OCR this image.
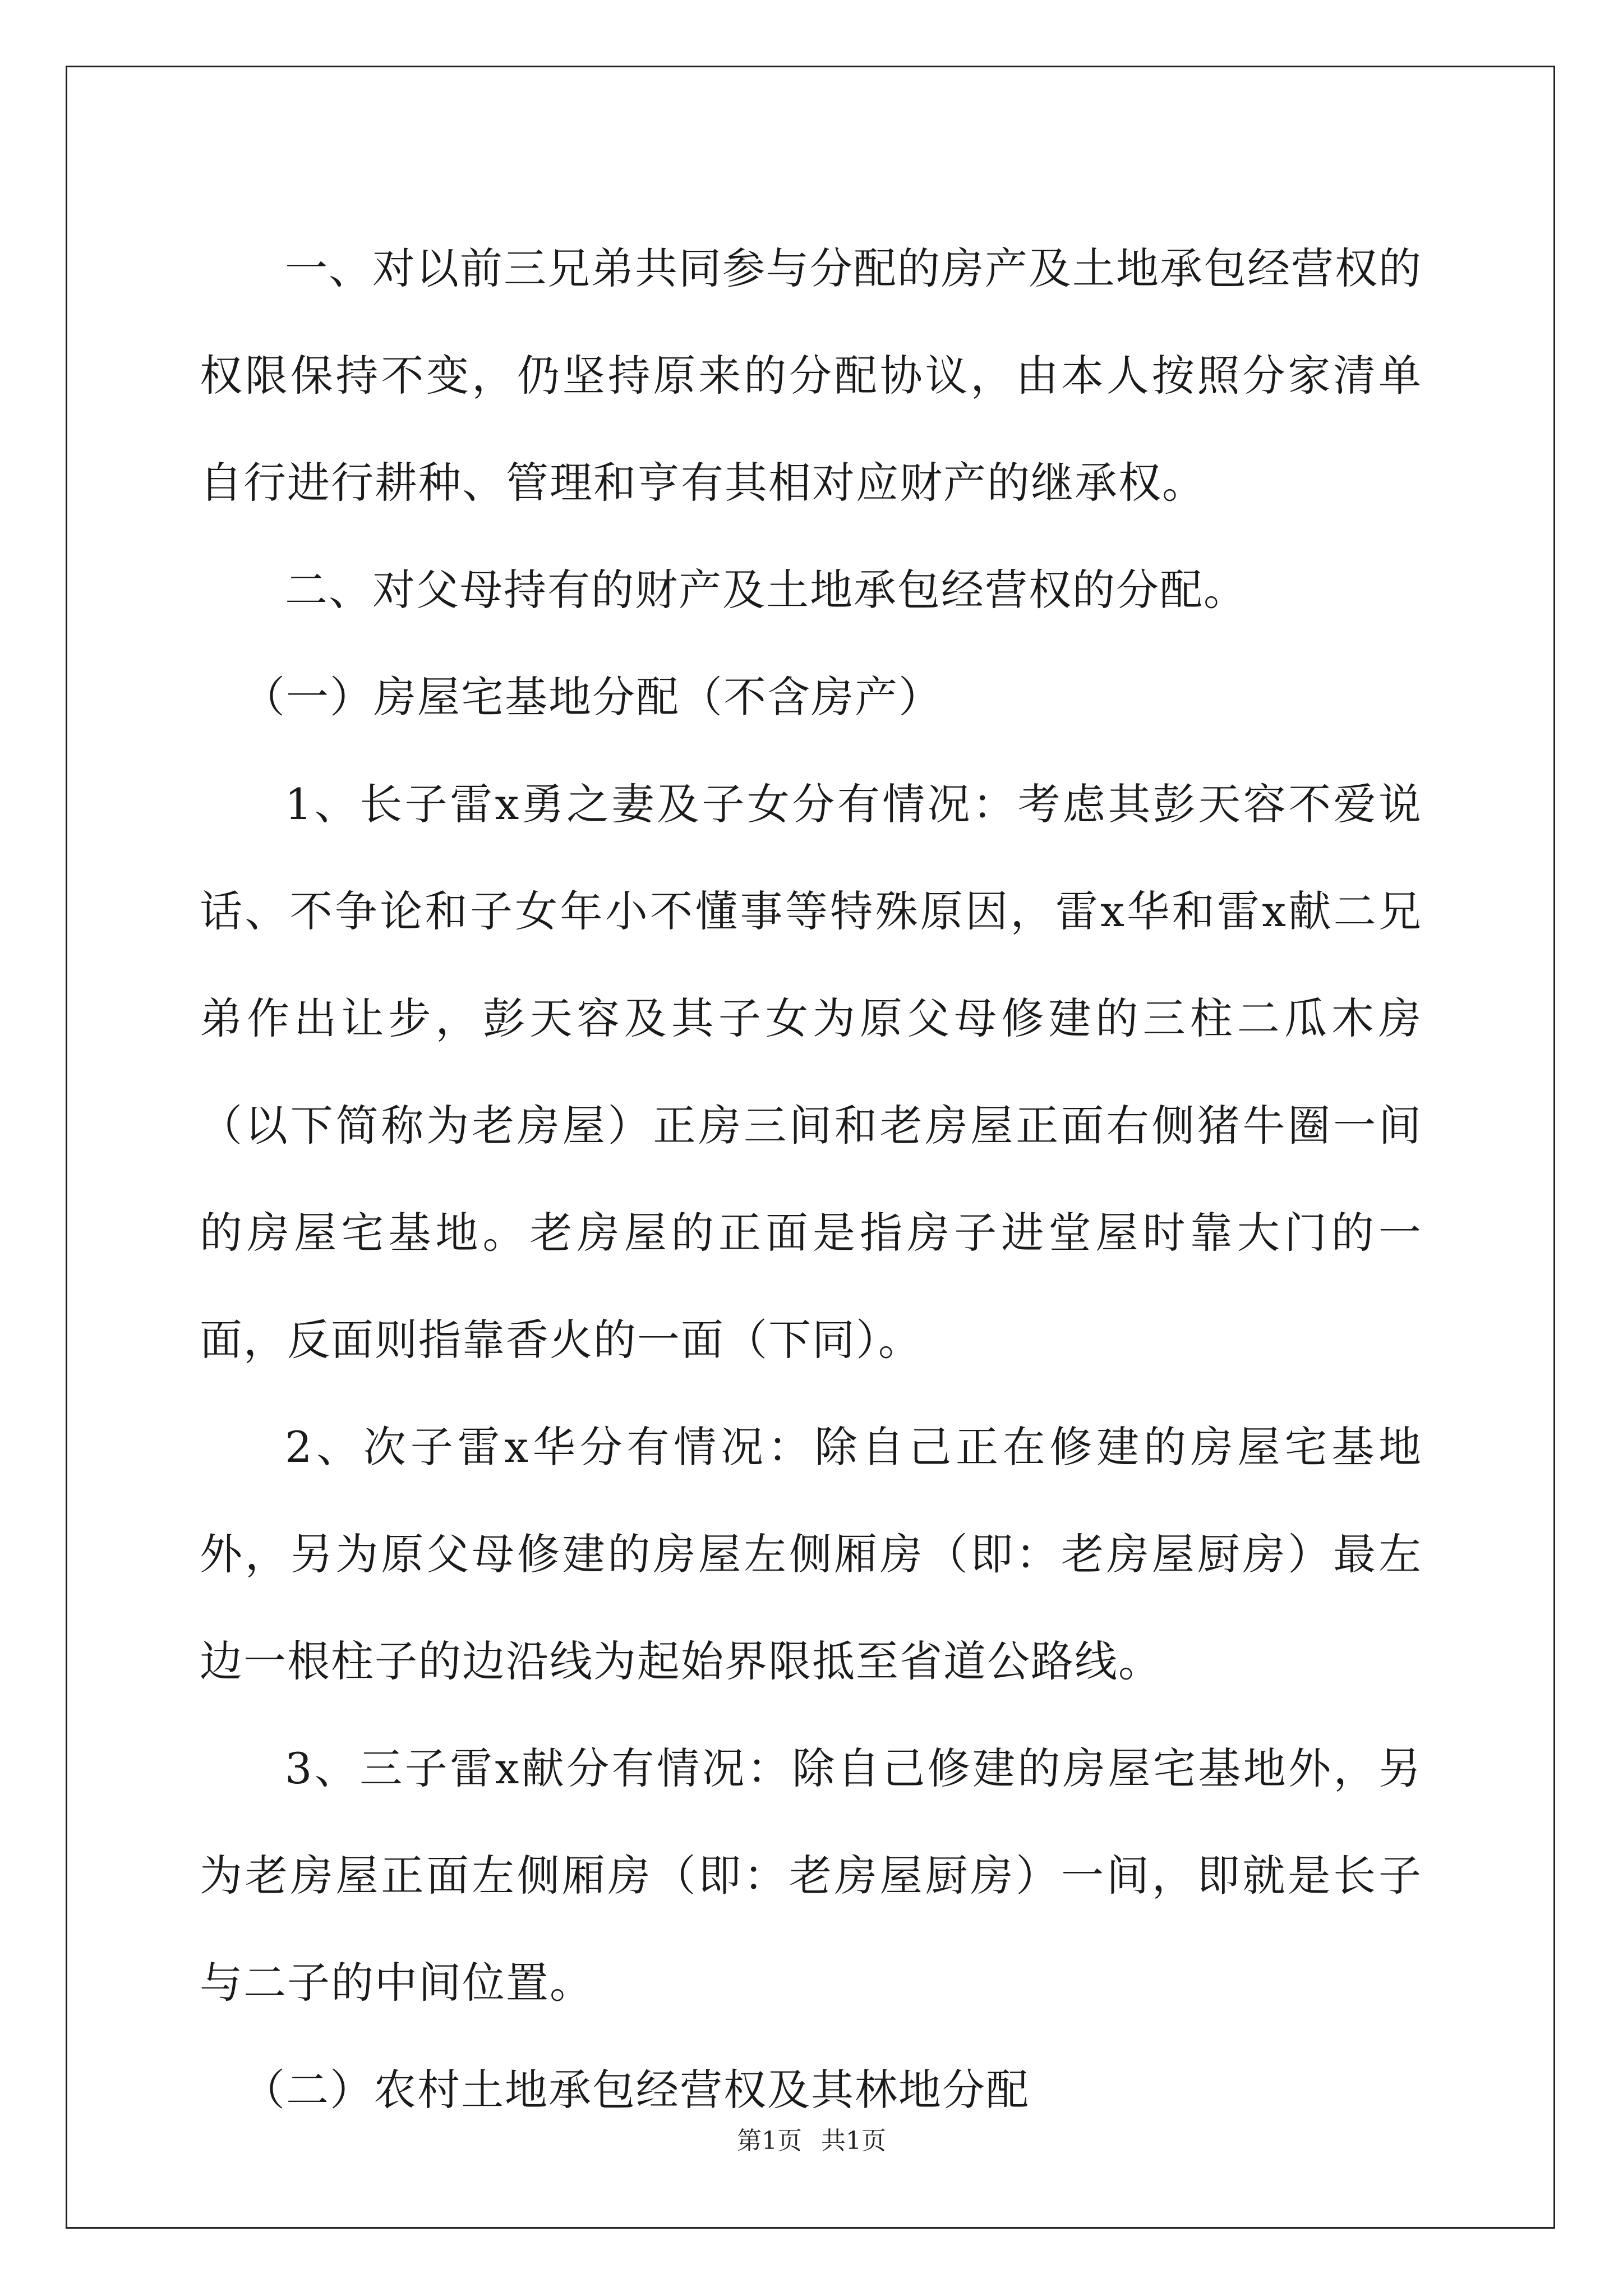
一、对以前三兄弟共同参与分配的房产及土地承包经营权的权限保持不变，仍坚持原来的分配协议，由本人按照分家清单自行进行耕种、管理和亨有其相对应财产的继承权。

二、对父母持有的财产及土地承包经营权的分配。

（一）房屋宅基地分配（不含房产）

1、长子雷x勇之妻及子女分有情况：考虑其彭天容不爱说话、不争论和子女年小不懂事等特殊原因，雷x华和雷x献二兄弟作出让步，彭天容及其子女为原父母修建的三柱二瓜木房（以下简称为老房屋）正房三间和老房屋正面右侧猪牛圈一间的房屋宅基地。老房屋的正面是指房子进堂屋时靠大门的一面，反面则指靠香火的一面（下同）。

2、次子雷x华分有情况：除自己正在修建的房屋宅基地外，另为原父母修建的房屋左侧厢房（即：老房屋厨房）最左边一根柱子的边沿线为起始界限抵至省道公路线。

3、三子雷x献分有情况：除自己修建的房屋宅基地外，另为老房屋正面左侧厢房（即：老房屋厨房）一间，即就是长子与二子的中间位置。

（二）农村土地承包经营权及其林地分配

第1页 共1页
